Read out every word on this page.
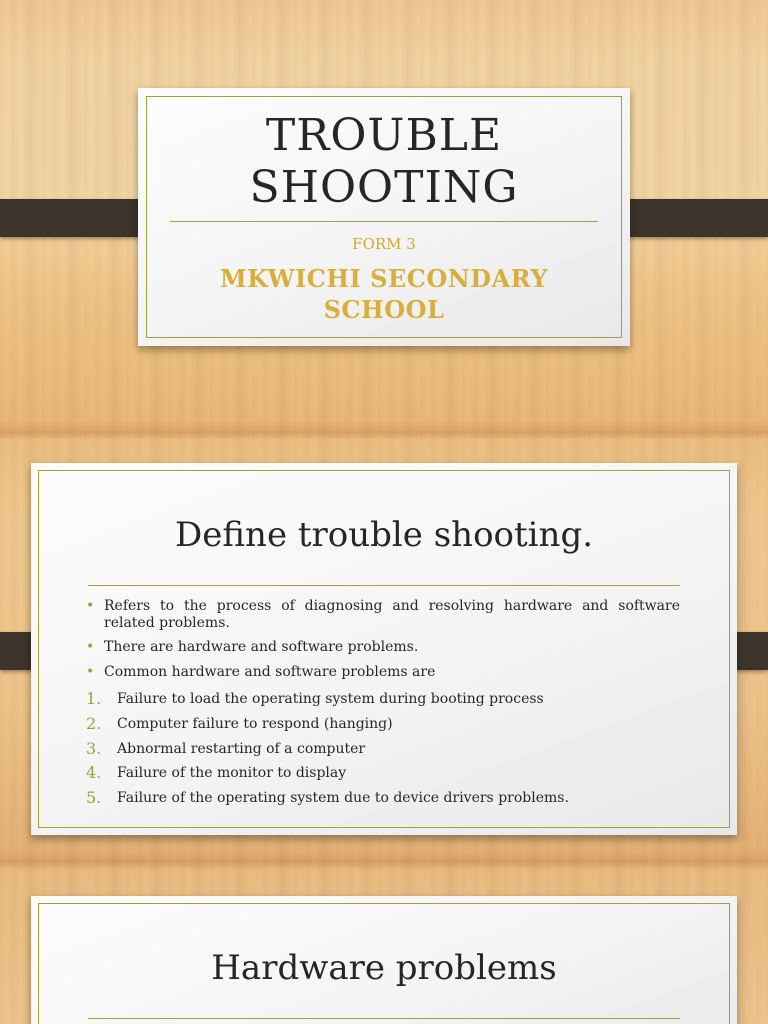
TROUBLE
SHOOTING
FORM 3
MKWICHI SECONDARY
SCHOOL
Define trouble shooting.
• Refers to the process of diagnosing and resolving hardware and software related problems.
• There are hardware and software problems.
• Common hardware and software problems are
1. Failure to load the operating system during booting process
2. Computer failure to respond (hanging)
3. Abnormal restarting of a computer
4. Failure of the monitor to display
5. Failure of the operating system due to device drivers problems.
Hardware problems
